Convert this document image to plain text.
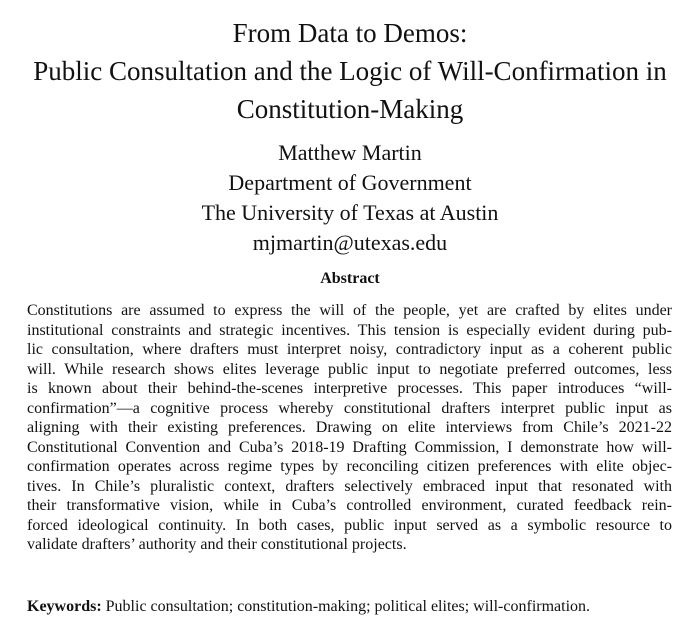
From Data to Demos:
Public Consultation and the Logic of Will-Confirmation in
Constitution-Making
Matthew Martin
Department of Government
The University of Texas at Austin
mjmartin@utexas.edu
Abstract
Constitutions are assumed to express the will of the people, yet are crafted by elites under
institutional constraints and strategic incentives. This tension is especially evident during pub-
lic consultation, where drafters must interpret noisy, contradictory input as a coherent public
will. While research shows elites leverage public input to negotiate preferred outcomes, less
is known about their behind-the-scenes interpretive processes. This paper introduces “will-
confirmation”—a cognitive process whereby constitutional drafters interpret public input as
aligning with their existing preferences. Drawing on elite interviews from Chile’s 2021-22
Constitutional Convention and Cuba’s 2018-19 Drafting Commission, I demonstrate how will-
confirmation operates across regime types by reconciling citizen preferences with elite objec-
tives. In Chile’s pluralistic context, drafters selectively embraced input that resonated with
their transformative vision, while in Cuba’s controlled environment, curated feedback rein-
forced ideological continuity. In both cases, public input served as a symbolic resource to
validate drafters’ authority and their constitutional projects.
Keywords: Public consultation; constitution-making; political elites; will-confirmation.
